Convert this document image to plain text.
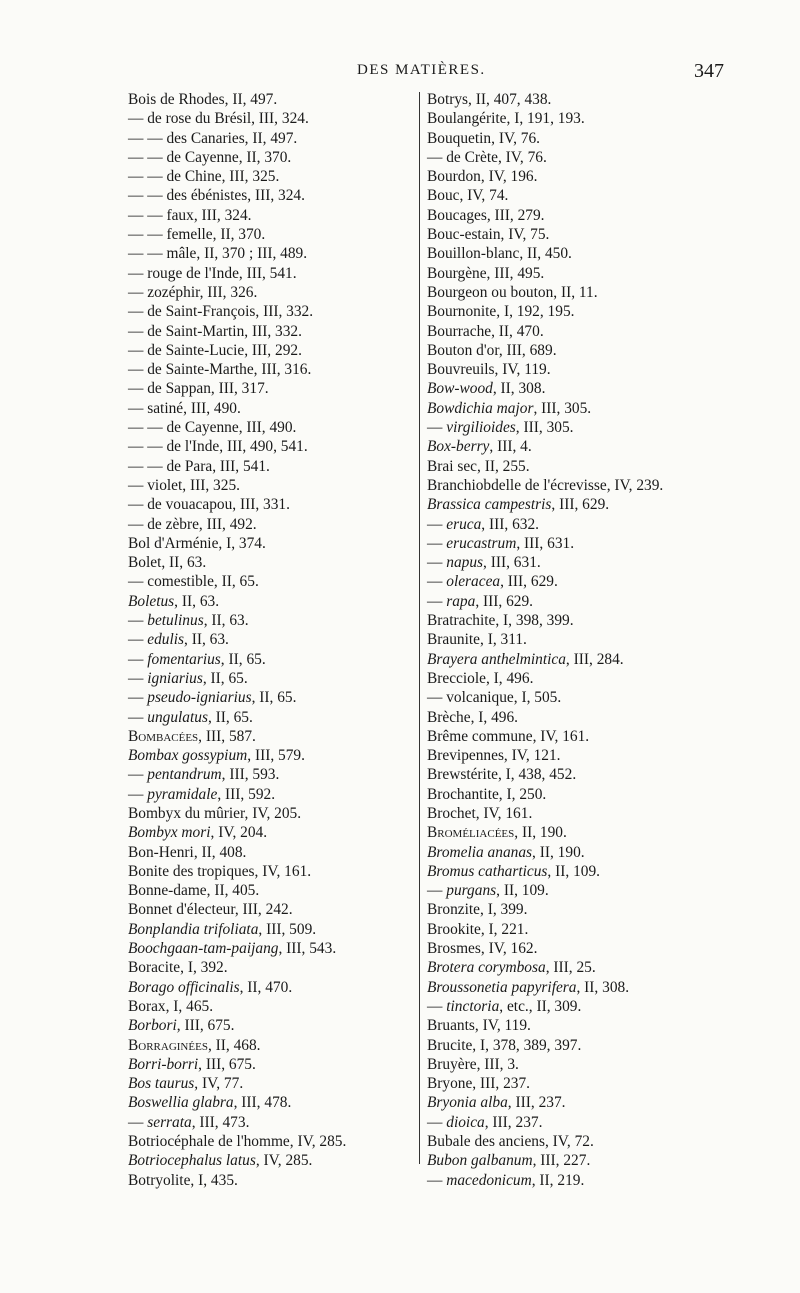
DES MATIÈRES.	347
Bois de Rhodes, II, 497.
— de rose du Brésil, III, 324.
— — des Canaries, II, 497.
— — de Cayenne, II, 370.
— — de Chine, III, 325.
— — des ébénistes, III, 324.
— — faux, III, 324.
— — femelle, II, 370.
— — mâle, II, 370 ; III, 489.
— rouge de l'Inde, III, 541.
— zozéphir, III, 326.
— de Saint-François, III, 332.
— de Saint-Martin, III, 332.
— de Sainte-Lucie, III, 292.
— de Sainte-Marthe, III, 316.
— de Sappan, III, 317.
— satiné, III, 490.
— — de Cayenne, III, 490.
— — de l'Inde, III, 490, 541.
— — de Para, III, 541.
— violet, III, 325.
— de vouacapou, III, 331.
— de zèbre, III, 492.
Bol d'Arménie, I, 374.
Bolet, II, 63.
— comestible, II, 65.
Boletus, II, 63.
— betulinus, II, 63.
— edulis, II, 63.
— fomentarius, II, 65.
— igniarius, II, 65.
— pseudo-igniarius, II, 65.
— ungulatus, II, 65.
Bombacées, III, 587.
Bombax gossypium, III, 579.
— pentandrum, III, 593.
— pyramidale, III, 592.
Bombyx du mûrier, IV, 205.
Bombyx mori, IV, 204.
Bon-Henri, II, 408.
Bonite des tropiques, IV, 161.
Bonne-dame, II, 405.
Bonnet d'électeur, III, 242.
Bonplandia trifoliata, III, 509.
Boochgaan-tam-paijang, III, 543.
Boracite, I, 392.
Borago officinalis, II, 470.
Borax, I, 465.
Borbori, III, 675.
Borraginées, II, 468.
Borri-borri, III, 675.
Bos taurus, IV, 77.
Boswellia glabra, III, 478.
— serrata, III, 473.
Botriocéphale de l'homme, IV, 285.
Botriocephalus latus, IV, 285.
Botryolite, I, 435.
Botrys, II, 407, 438.
Boulangérite, I, 191, 193.
Bouquetin, IV, 76.
— de Crète, IV, 76.
Bourdon, IV, 196.
Bouc, IV, 74.
Boucages, III, 279.
Bouc-estain, IV, 75.
Bouillon-blanc, II, 450.
Bourgène, III, 495.
Bourgeon ou bouton, II, 11.
Bournonite, I, 192, 195.
Bourrache, II, 470.
Bouton d'or, III, 689.
Bouvreuils, IV, 119.
Bow-wood, II, 308.
Bowdichia major, III, 305.
— virgilioides, III, 305.
Box-berry, III, 4.
Brai sec, II, 255.
Branchiobdelle de l'écrevisse, IV, 239.
Brassica campestris, III, 629.
— eruca, III, 632.
— erucastrum, III, 631.
— napus, III, 631.
— oleracea, III, 629.
— rapa, III, 629.
Bratrachite, I, 398, 399.
Braunite, I, 311.
Brayera anthelmintica, III, 284.
Brecciole, I, 496.
— volcanique, I, 505.
Brèche, I, 496.
Brême commune, IV, 161.
Brevipennes, IV, 121.
Brewstérite, I, 438, 452.
Brochantite, I, 250.
Brochet, IV, 161.
Broméliacées, II, 190.
Bromelia ananas, II, 190.
Bromus catharticus, II, 109.
— purgans, II, 109.
Bronzite, I, 399.
Brookite, I, 221.
Brosmes, IV, 162.
Brotera corymbosa, III, 25.
Broussonetia papyrifera, II, 308.
— tinctoria, etc., II, 309.
Bruants, IV, 119.
Brucite, I, 378, 389, 397.
Bruyère, III, 3.
Bryone, III, 237.
Bryonia alba, III, 237.
— dioica, III, 237.
Bubale des anciens, IV, 72.
Bubon galbanum, III, 227.
— macedonicum, II, 219.
